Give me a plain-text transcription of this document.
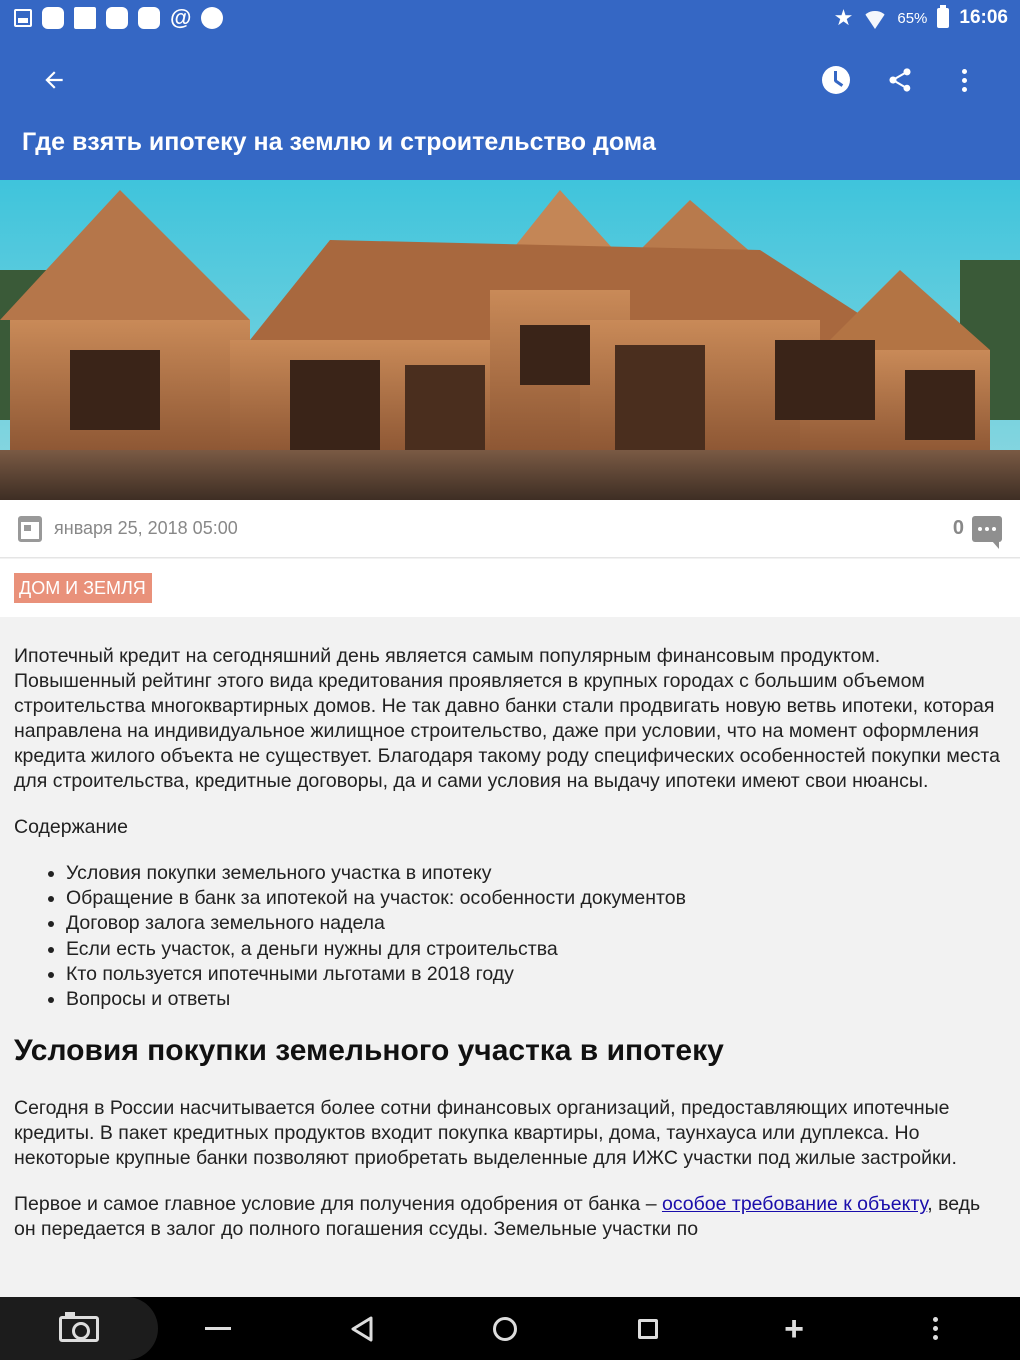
@	★	65% 16:06
Где взять ипотеку на землю и строительство дома
января 25, 2018 05:00	0
ДОМ И ЗЕМЛЯ

Ипотечный кредит на сегодняшний день является самым популярным финансовым продуктом. Повышенный рейтинг этого вида кредитования проявляется в крупных городах с большим объемом строительства многоквартирных домов. Не так давно банки стали продвигать новую ветвь ипотеки, которая направлена на индивидуальное жилищное строительство, даже при условии, что на момент оформления кредита жилого объекта не существует. Благодаря такому роду специфических особенностей покупки места для строительства, кредитные договоры, да и сами условия на выдачу ипотеки имеют свои нюансы.

Содержание
• Условия покупки земельного участка в ипотеку
• Обращение в банк за ипотекой на участок: особенности документов
• Договор залога земельного надела
• Если есть участок, а деньги нужны для строительства
• Кто пользуется ипотечными льготами в 2018 году
• Вопросы и ответы
Условия покупки земельного участка в ипотеку

Сегодня в России насчитывается более сотни финансовых организаций, предоставляющих ипотечные кредиты. В пакет кредитных продуктов входит покупка квартиры, дома, таунхауса или дуплекса. Но некоторые крупные банки позволяют приобретать выделенные для ИЖС участки под жилые застройки.

Первое и самое главное условие для получения одобрения от банка – особое требование к объекту, ведь он передается в залог до полного погашения ссуды. Земельные участки по

+
